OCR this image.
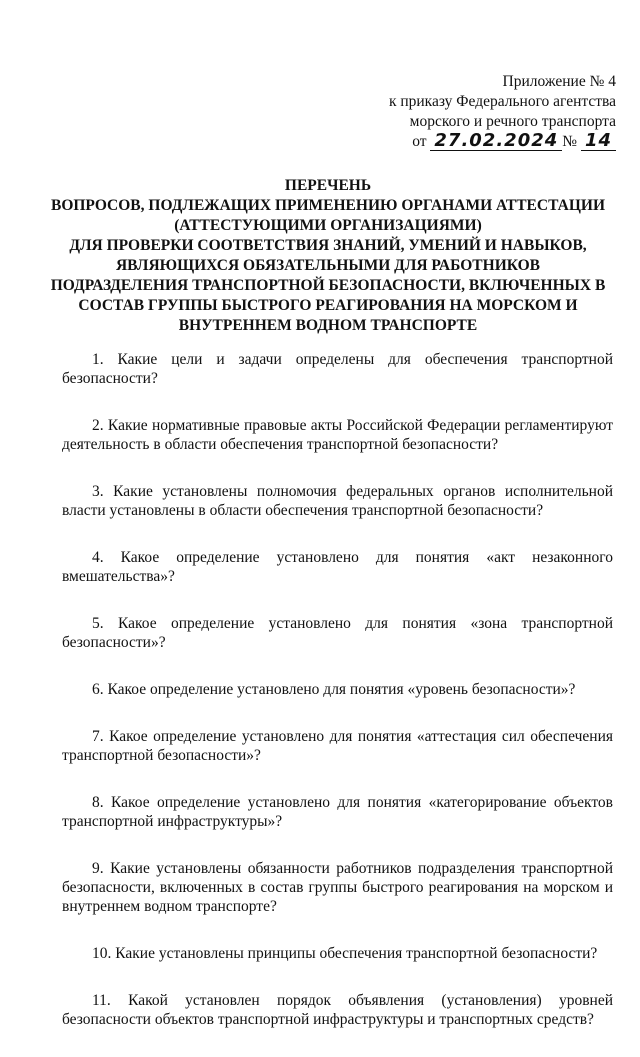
Приложение № 4
к приказу Федерального агентства
морского и речного транспорта
от 27.02.2024 № 14
ПЕРЕЧЕНЬ
ВОПРОСОВ, ПОДЛЕЖАЩИХ ПРИМЕНЕНИЮ ОРГАНАМИ АТТЕСТАЦИИ
(АТТЕСТУЮЩИМИ ОРГАНИЗАЦИЯМИ)
ДЛЯ ПРОВЕРКИ СООТВЕТСТВИЯ ЗНАНИЙ, УМЕНИЙ И НАВЫКОВ,
ЯВЛЯЮЩИХСЯ ОБЯЗАТЕЛЬНЫМИ ДЛЯ РАБОТНИКОВ
ПОДРАЗДЕЛЕНИЯ ТРАНСПОРТНОЙ БЕЗОПАСНОСТИ, ВКЛЮЧЕННЫХ В
СОСТАВ ГРУППЫ БЫСТРОГО РЕАГИРОВАНИЯ НА МОРСКОМ И
ВНУТРЕННЕМ ВОДНОМ ТРАНСПОРТЕ

1. Какие цели и задачи определены для обеспечения транспортной безопасности?

2. Какие нормативные правовые акты Российской Федерации регламентируют деятельность в области обеспечения транспортной безопасности?

3. Какие установлены полномочия федеральных органов исполнительной власти установлены в области обеспечения транспортной безопасности?

4. Какое определение установлено для понятия «акт незаконного вмешательства»?

5. Какое определение установлено для понятия «зона транспортной безопасности»?

6. Какое определение установлено для понятия «уровень безопасности»?

7. Какое определение установлено для понятия «аттестация сил обеспечения транспортной безопасности»?

8. Какое определение установлено для понятия «категорирование объектов транспортной инфраструктуры»?

9. Какие установлены обязанности работников подразделения транспортной безопасности, включенных в состав группы быстрого реагирования на морском и внутреннем водном транспорте?

10. Какие установлены принципы обеспечения транспортной безопасности?

11. Какой установлен порядок объявления (установления) уровней безопасности объектов транспортной инфраструктуры и транспортных средств?
